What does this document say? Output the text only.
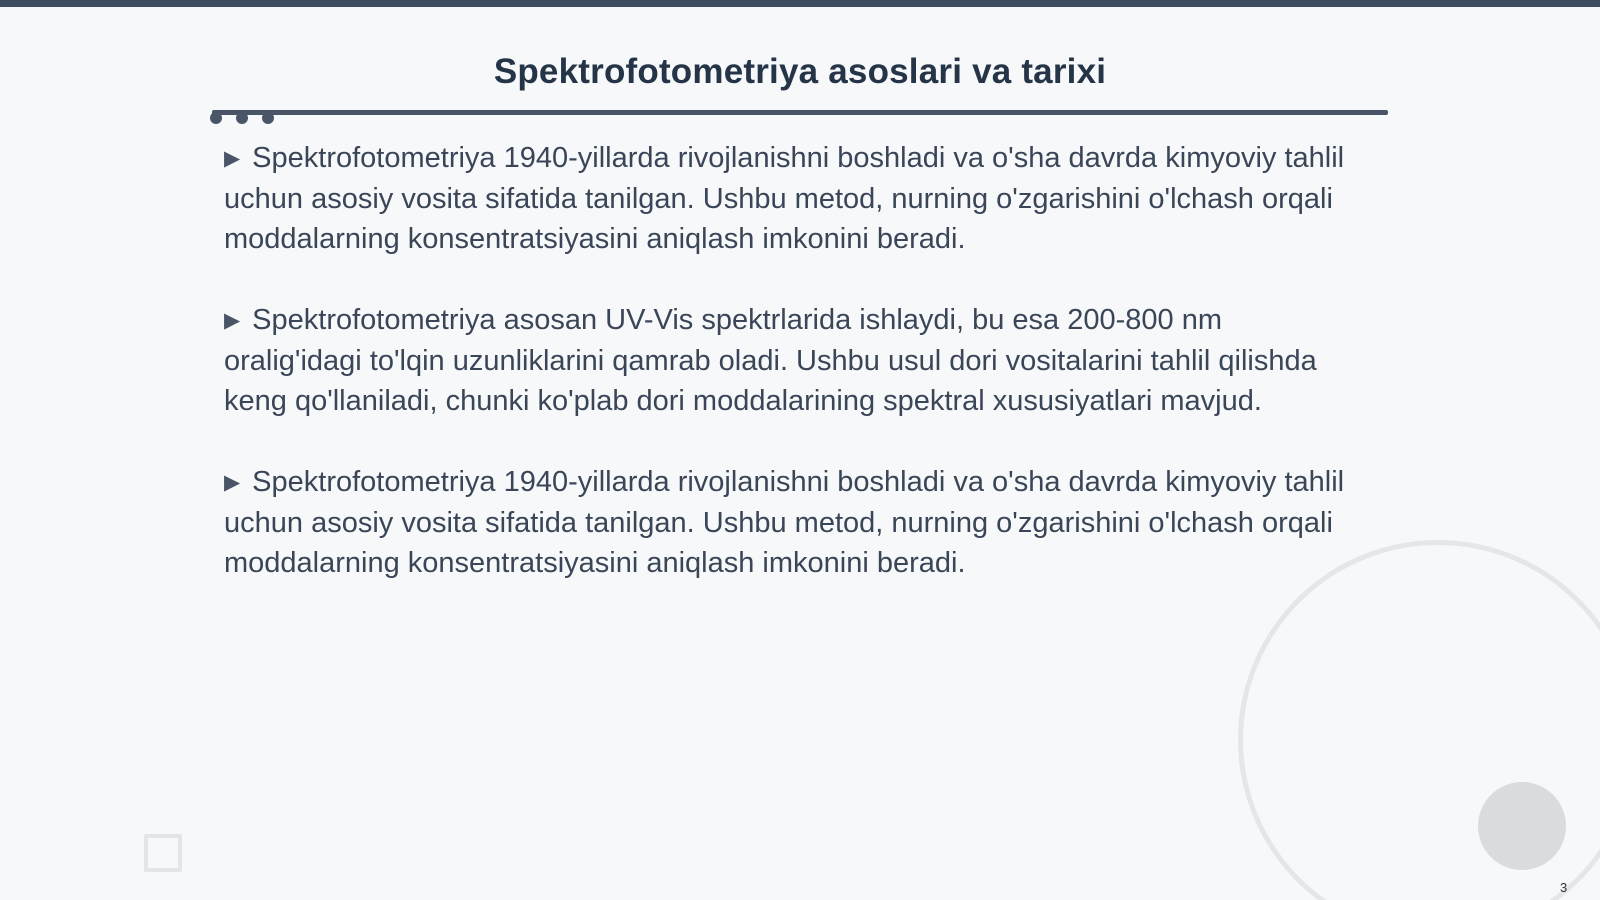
Spektrofotometriya asoslari va tarixi

▶ Spektrofotometriya 1940-yillarda rivojlanishni boshladi va o'sha davrda kimyoviy tahlil uchun asosiy vosita sifatida tanilgan. Ushbu metod, nurning o'zgarishini o'lchash orqali moddalarning konsentratsiyasini aniqlash imkonini beradi.

▶ Spektrofotometriya asosan UV-Vis spektrlarida ishlaydi, bu esa 200-800 nm oralig'idagi to'lqin uzunliklarini qamrab oladi. Ushbu usul dori vositalarini tahlil qilishda keng qo'llaniladi, chunki ko'plab dori moddalarining spektral xususiyatlari mavjud.

▶ Spektrofotometriya 1940-yillarda rivojlanishni boshladi va o'sha davrda kimyoviy tahlil uchun asosiy vosita sifatida tanilgan. Ushbu metod, nurning o'zgarishini o'lchash orqali moddalarning konsentratsiyasini aniqlash imkonini beradi.

3
